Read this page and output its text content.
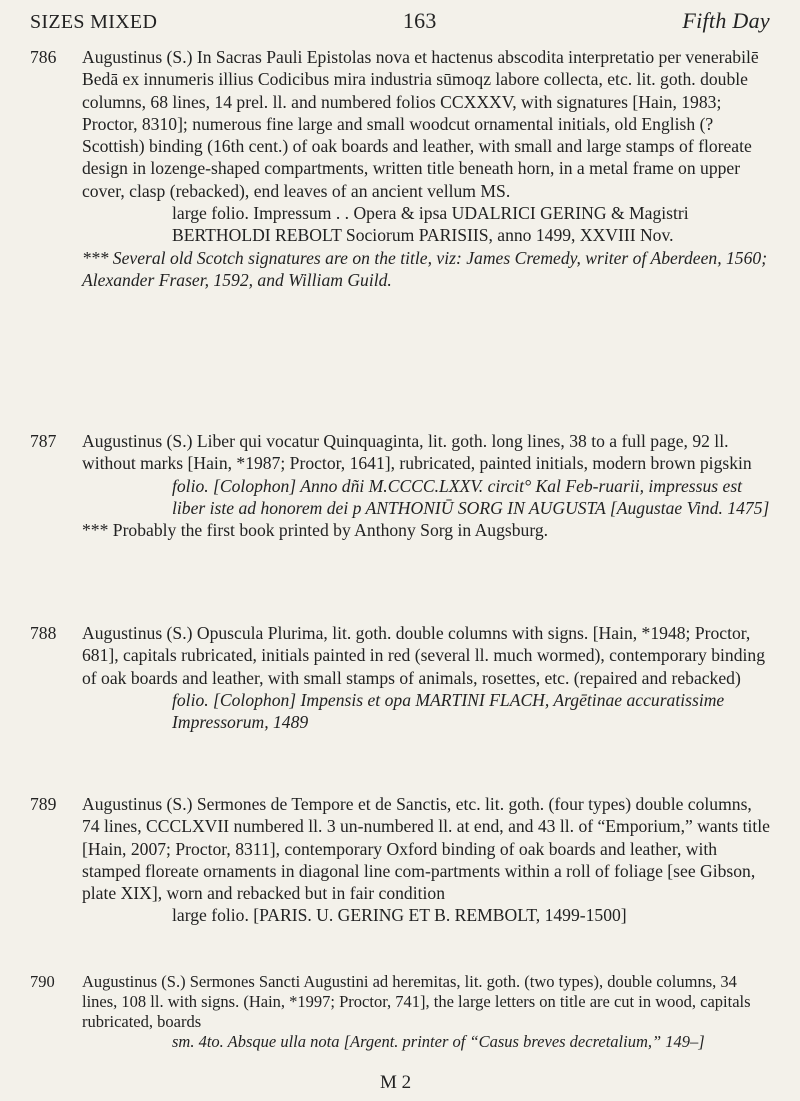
SIZES MIXED	163	Fifth Day
786	Augustinus (S.) In Sacras Pauli Epistolas nova et hactenus abscodita interpretatio per venerabilē Bedā ex innumeris illius Codicibus mira industria sūmoqz labore collecta, etc. lit. goth. double columns, 68 lines, 14 prel. ll. and numbered folios CCXXXV, with signatures [Hain, 1983; Proctor, 8310]; numerous fine large and small woodcut ornamental initials, old English (? Scottish) binding (16th cent.) of oak boards and leather, with small and large stamps of floreate design in lozenge-shaped compartments, written title beneath horn, in a metal frame on upper cover, clasp (rebacked), end leaves of an ancient vellum MS.

large folio. Impressum . . Opera & ipsa UDALRICI GERING & Magistri BERTHOLDI REBOLT Sociorum PARISIIS, anno 1499, XXVIII Nov.

*** Several old Scotch signatures are on the title, viz: James Cremedy, writer of Aberdeen, 1560; Alexander Fraser, 1592, and William Guild.

787	Augustinus (S.) Liber qui vocatur Quinquaginta, lit. goth. long lines, 38 to a full page, 92 ll. without marks [Hain, *1987; Proctor, 1641], rubricated, painted initials, modern brown pigskin

folio. [Colophon] Anno dñi M.CCCC.LXXV. circit° Kal Feb-ruarii, impressus est liber iste ad honorem dei p ANTHONIŪ SORG IN AUGUSTA [Augustae Vind. 1475]

*** Probably the first book printed by Anthony Sorg in Augsburg.

788	Augustinus (S.) Opuscula Plurima, lit. goth. double columns with signs. [Hain, *1948; Proctor, 681], capitals rubricated, initials painted in red (several ll. much wormed), contemporary binding of oak boards and leather, with small stamps of animals, rosettes, etc. (repaired and rebacked)

folio. [Colophon] Impensis et opa MARTINI FLACH, Argētinae accuratissime Impressorum, 1489

789	Augustinus (S.) Sermones de Tempore et de Sanctis, etc. lit. goth. (four types) double columns, 74 lines, CCCLXVII numbered ll. 3 un-numbered ll. at end, and 43 ll. of “Emporium,” wants title [Hain, 2007; Proctor, 8311], contemporary Oxford binding of oak boards and leather, with stamped floreate ornaments in diagonal line com-partments within a roll of foliage [see Gibson, plate XIX], worn and rebacked but in fair condition

large folio. [PARIS. U. GERING ET B. REMBOLT, 1499-1500]

790	Augustinus (S.) Sermones Sancti Augustini ad heremitas, lit. goth. (two types), double columns, 34 lines, 108 ll. with signs. (Hain, *1997; Proctor, 741], the large letters on title are cut in wood, capitals rubricated, boards

sm. 4to. Absque ulla nota [Argent. printer of “Casus breves decretalium,” 149–]

M 2
